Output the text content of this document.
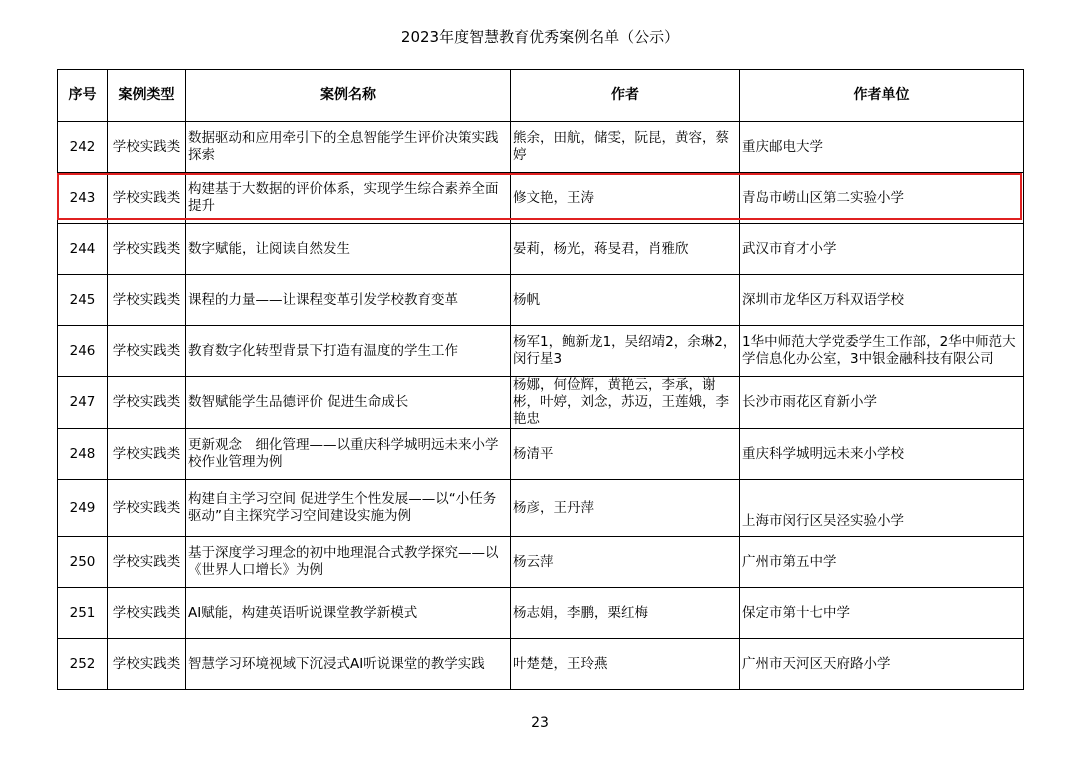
2023年度智慧教育优秀案例名单（公示）
序号	案例类型	案例名称	作者	作者单位
242	学校实践类	数据驱动和应用牵引下的全息智能学生评价决策实践探索	熊余，田航，储雯，阮昆，黄容，蔡婷	重庆邮电大学
243	学校实践类	构建基于大数据的评价体系，实现学生综合素养全面提升	修文艳，王涛	青岛市崂山区第二实验小学
244	学校实践类	数字赋能，让阅读自然发生	晏莉，杨光，蒋旻君，肖雅欣	武汉市育才小学
245	学校实践类	课程的力量——让课程变革引发学校教育变革	杨帆	深圳市龙华区万科双语学校
246	学校实践类	教育数字化转型背景下打造有温度的学生工作	杨军1，鲍新龙1，吴绍靖2，余琳2，闵行星3	1华中师范大学党委学生工作部，2华中师范大学信息化办公室，3中银金融科技有限公司
247	学校实践类	数智赋能学生品德评价 促进生命成长	杨娜，何俭辉，黄艳云，李承，谢彬，叶婷，刘念，苏迈，王莲娥，李艳忠	长沙市雨花区育新小学
248	学校实践类	更新观念　细化管理——以重庆科学城明远未来小学校作业管理为例	杨清平	重庆科学城明远未来小学校
249	学校实践类	构建自主学习空间 促进学生个性发展——以“小任务驱动”自主探究学习空间建设实施为例	杨彦，王丹萍	上海市闵行区吴泾实验小学
250	学校实践类	基于深度学习理念的初中地理混合式教学探究——以《世界人口增长》为例	杨云萍	广州市第五中学
251	学校实践类	AI赋能，构建英语听说课堂教学新模式	杨志娟，李鹏，栗红梅	保定市第十七中学
252	学校实践类	智慧学习环境视域下沉浸式AI听说课堂的教学实践	叶楚楚，王玲燕	广州市天河区天府路小学
23
